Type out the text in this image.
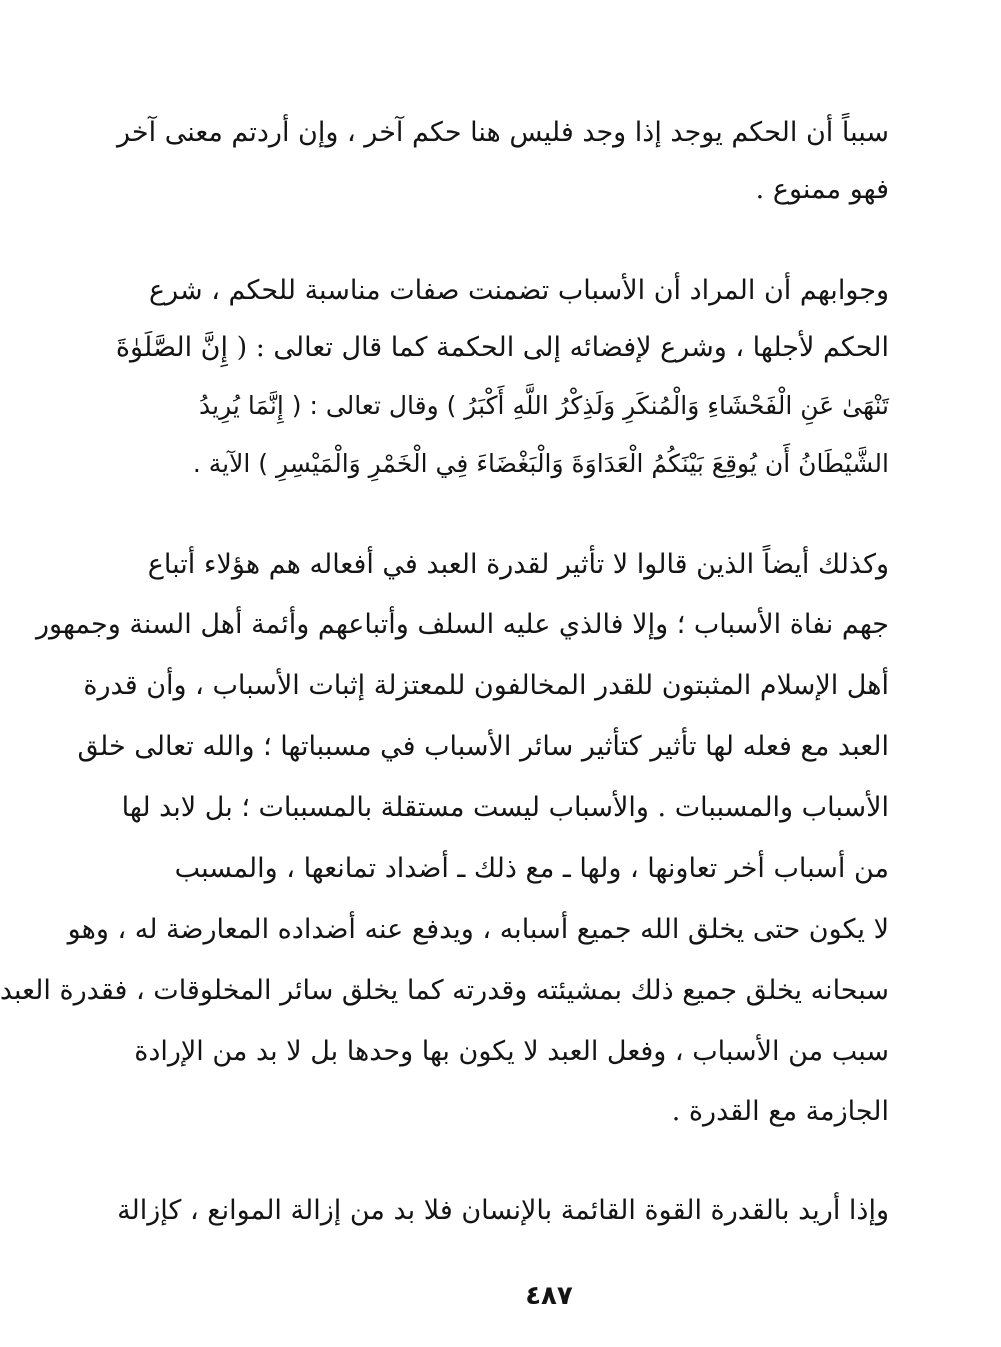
سبباً أن الحكم يوجد إذا وجد فليس هنا حكم آخر ، وإن أردتم معنى آخر
فهو ممنوع .
وجوابهم أن المراد أن الأسباب تضمنت صفات مناسبة للحكم ، شرع
الحكم لأجلها ، وشرع لإفضائه إلى الحكمة كما قال تعالى : ( إِنَّ الصَّلَوٰةَ
تَنْهَىٰ عَنِ الْفَحْشَاءِ وَالْمُنكَرِ وَلَذِكْرُ اللَّهِ أَكْبَرُ ) وقال تعالى : ( إِنَّمَا يُرِيدُ
الشَّيْطَانُ أَن يُوقِعَ بَيْنَكُمُ الْعَدَاوَةَ وَالْبَغْضَاءَ فِي الْخَمْرِ وَالْمَيْسِرِ ) الآية .
وكذلك أيضاً الذين قالوا لا تأثير لقدرة العبد في أفعاله هم هؤلاء أتباع
جهم نفاة الأسباب ؛ وإلا فالذي عليه السلف وأتباعهم وأئمة أهل السنة وجمهور
أهل الإسلام المثبتون للقدر المخالفون للمعتزلة إثبات الأسباب ، وأن قدرة
العبد مع فعله لها تأثير كتأثير سائر الأسباب في مسبباتها ؛ والله تعالى خلق
الأسباب والمسببات . والأسباب ليست مستقلة بالمسببات ؛ بل لابد لها
من أسباب أخر تعاونها ، ولها ـ مع ذلك ـ أضداد تمانعها ، والمسبب
لا يكون حتى يخلق الله جميع أسبابه ، ويدفع عنه أضداده المعارضة له ، وهو
سبحانه يخلق جميع ذلك بمشيئته وقدرته كما يخلق سائر المخلوقات ، فقدرة العبد
سبب من الأسباب ، وفعل العبد لا يكون بها وحدها بل لا بد من الإرادة
الجازمة مع القدرة .
وإذا أريد بالقدرة القوة القائمة بالإنسان فلا بد من إزالة الموانع ، كإزالة
٤٨٧
